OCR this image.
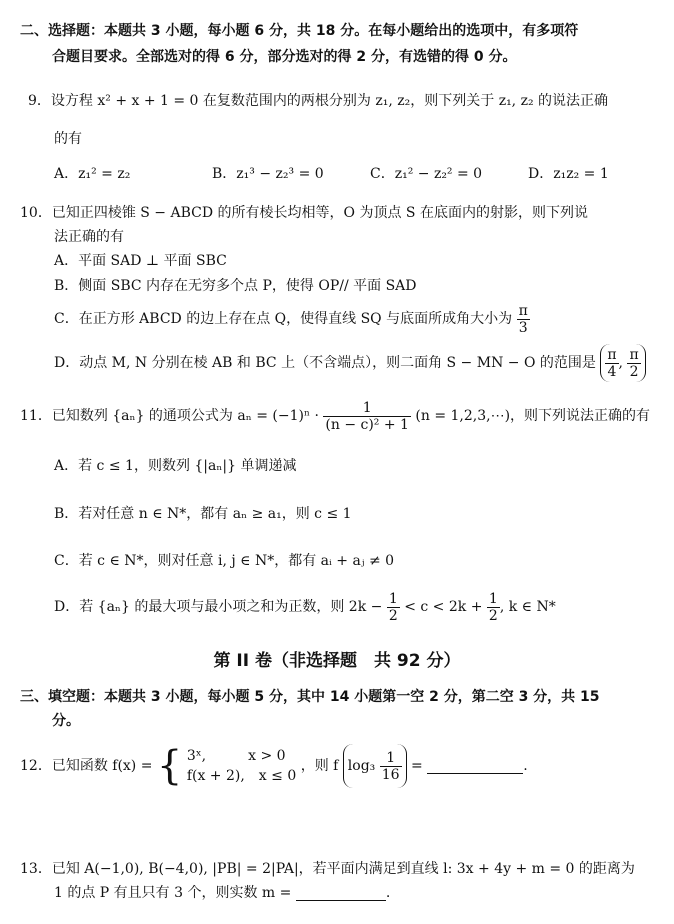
二、选择题：本题共 3 小题，每小题 6 分，共 18 分。在每小题给出的选项中，有多项符
合题目要求。全部选对的得 6 分，部分选对的得 2 分，有选错的得 0 分。
9．设方程 x² + x + 1 = 0 在复数范围内的两根分别为 z₁, z₂，则下列关于 z₁, z₂ 的说法正确
的有
A．z₁² = z₂	B．z₁³ − z₂³ = 0	C．z₁² − z₂² = 0	D．z₁z₂ = 1
10．已知正四棱锥 S − ABCD 的所有棱长均相等，O 为顶点 S 在底面内的射影，则下列说
法正确的有
A．平面 SAD ⊥ 平面 SBC
B．侧面 SBC 内存在无穷多个点 P，使得 OP// 平面 SAD
C．在正方形 ABCD 的边上存在点 Q，使得直线 SQ 与底面所成角大小为 $\frac{\pi}{3}$
D．动点 M, N 分别在棱 AB 和 BC 上（不含端点），则二面角 S − MN − O 的范围是 $\frac{\pi}{4}$ , $\frac{\pi}{2}$
11．已知数列 {aₙ} 的通项公式为 $a_n = (-1)^n \cdot \frac{1}{\text{(n − c)² + 1}} (n$ = 1,2,3,⋯)，则下列说法正确的有
A．若 c ≤ 1，则数列 {|aₙ|} 单调递减
B．若对任意 n ∈ N*，都有 aₙ ≥ a₁，则 c ≤ 1
C．若 c ∈ N*，则对任意 i, j ∈ N*，都有 aᵢ + aⱼ ≠ 0
D．若 {aₙ} 的最大项与最小项之和为正数，则 $2k - \frac{1}{2} < c < 2k + \frac{1}{2}$ , k ∈ N*
第 II 卷（非选择题　共 92 分）
三、填空题：本题共 3 小题，每小题 5 分，其中 14 小题第一空 2 分，第二空 3 分，共 15
分。
12．已知函数 f(x) = { 3ˣ,　　　x > 0
f(x + 2),　x ≤ 0
，则 f $\log_3 \frac{1}{16}$ =	.
13．已知 A(−1,0), B(−4,0), |PB| = 2|PA|，若平面内满足到直线 l: 3x + 4y + m = 0 的距离为
1 的点 P 有且只有 3 个，则实数 m =	.
